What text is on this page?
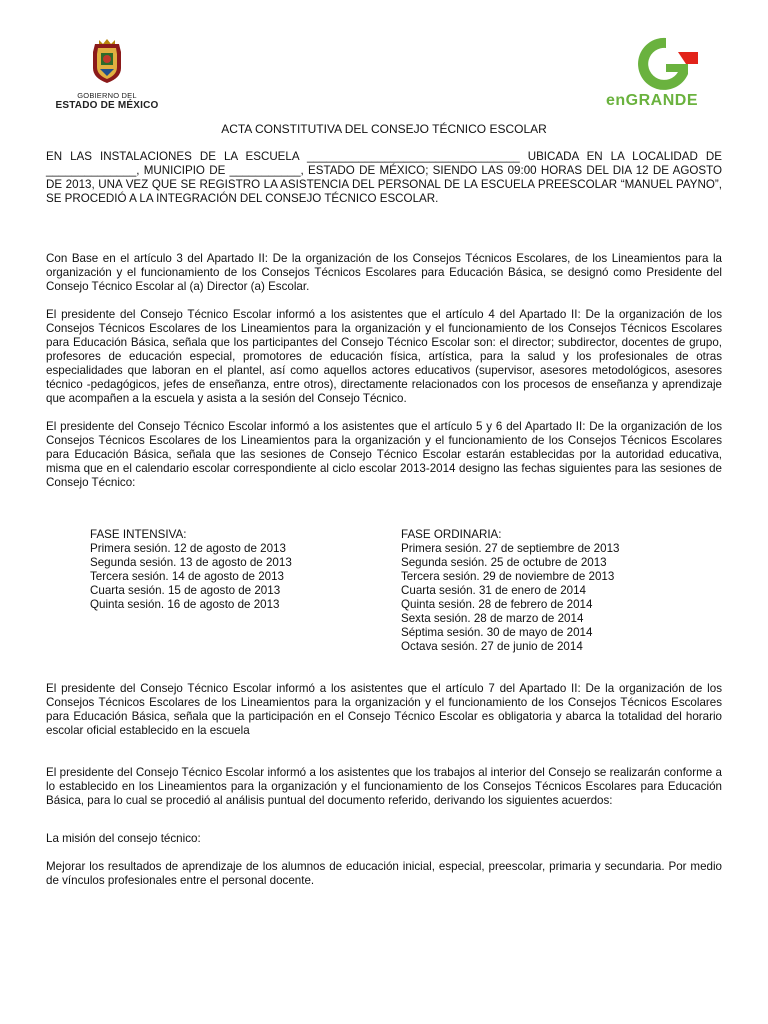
GOBIERNO DEL
ESTADO DE MÉXICO	enGRANDE
ACTA CONSTITUTIVA DEL CONSEJO TÉCNICO ESCOLAR

EN LAS INSTALACIONES DE LA ESCUELA _________________________________ UBICADA EN LA LOCALIDAD DE ______________, MUNICIPIO DE ___________, ESTADO DE MÉXICO; SIENDO LAS 09:00 HORAS DEL DIA 12 DE AGOSTO DE 2013, UNA VEZ QUE SE REGISTRO LA ASISTENCIA DEL PERSONAL DE LA ESCUELA PREESCOLAR “MANUEL PAYNO”, SE PROCEDIÓ A LA INTEGRACIÓN DEL CONSEJO TÉCNICO ESCOLAR.

Con Base en el artículo 3 del Apartado II: De la organización de los Consejos Técnicos Escolares, de los Lineamientos para la organización y el funcionamiento de los Consejos Técnicos Escolares para Educación Básica, se designó como Presidente del Consejo Técnico Escolar al (a) Director (a) Escolar.

El presidente del Consejo Técnico Escolar informó a los asistentes que el artículo 4 del Apartado II: De la organización de los Consejos Técnicos Escolares de los Lineamientos para la organización y el funcionamiento de los Consejos Técnicos Escolares para Educación Básica, señala que los participantes del Consejo Técnico Escolar son: el director; subdirector, docentes de grupo, profesores de educación especial, promotores de educación física, artística, para la salud y los profesionales de otras especialidades que laboran en el plantel, así como aquellos actores educativos (supervisor, asesores metodológicos, asesores técnico -pedagógicos, jefes de enseñanza, entre otros), directamente relacionados con los procesos de enseñanza y aprendizaje que acompañen a la escuela y asista a la sesión del Consejo Técnico.

El presidente del Consejo Técnico Escolar informó a los asistentes que el artículo 5 y 6 del Apartado II: De la organización de los Consejos Técnicos Escolares de los Lineamientos para la organización y el funcionamiento de los Consejos Técnicos Escolares para Educación Básica, señala que las sesiones de Consejo Técnico Escolar estarán establecidas por la autoridad educativa, misma que en el calendario escolar correspondiente al ciclo escolar 2013-2014 designo las fechas siguientes para las sesiones de Consejo Técnico:

FASE INTENSIVA:
Primera sesión. 12 de agosto de 2013
Segunda sesión. 13 de agosto de 2013
Tercera sesión. 14 de agosto de 2013
Cuarta sesión. 15 de agosto de 2013
Quinta sesión. 16 de agosto de 2013
FASE ORDINARIA:
Primera sesión. 27 de septiembre de 2013
Segunda sesión. 25 de octubre de 2013
Tercera sesión. 29 de noviembre de 2013
Cuarta sesión. 31 de enero de 2014
Quinta sesión. 28 de febrero de 2014
Sexta sesión. 28 de marzo de 2014
Séptima sesión. 30 de mayo de 2014
Octava sesión. 27 de junio de 2014

El presidente del Consejo Técnico Escolar informó a los asistentes que el artículo 7 del Apartado II: De la organización de los Consejos Técnicos Escolares de los Lineamientos para la organización y el funcionamiento de los Consejos Técnicos Escolares para Educación Básica, señala que la participación en el Consejo Técnico Escolar es obligatoria y abarca la totalidad del horario escolar oficial establecido en la escuela

El presidente del Consejo Técnico Escolar informó a los asistentes que los trabajos al interior del Consejo se realizarán conforme a lo establecido en los Lineamientos para la organización y el funcionamiento de los Consejos Técnicos Escolares para Educación Básica, para lo cual se procedió al análisis puntual del documento referido, derivando los siguientes acuerdos:

La misión del consejo técnico:

Mejorar los resultados de aprendizaje de los alumnos de educación inicial, especial, preescolar, primaria y secundaria. Por medio de vínculos profesionales entre el personal docente.
